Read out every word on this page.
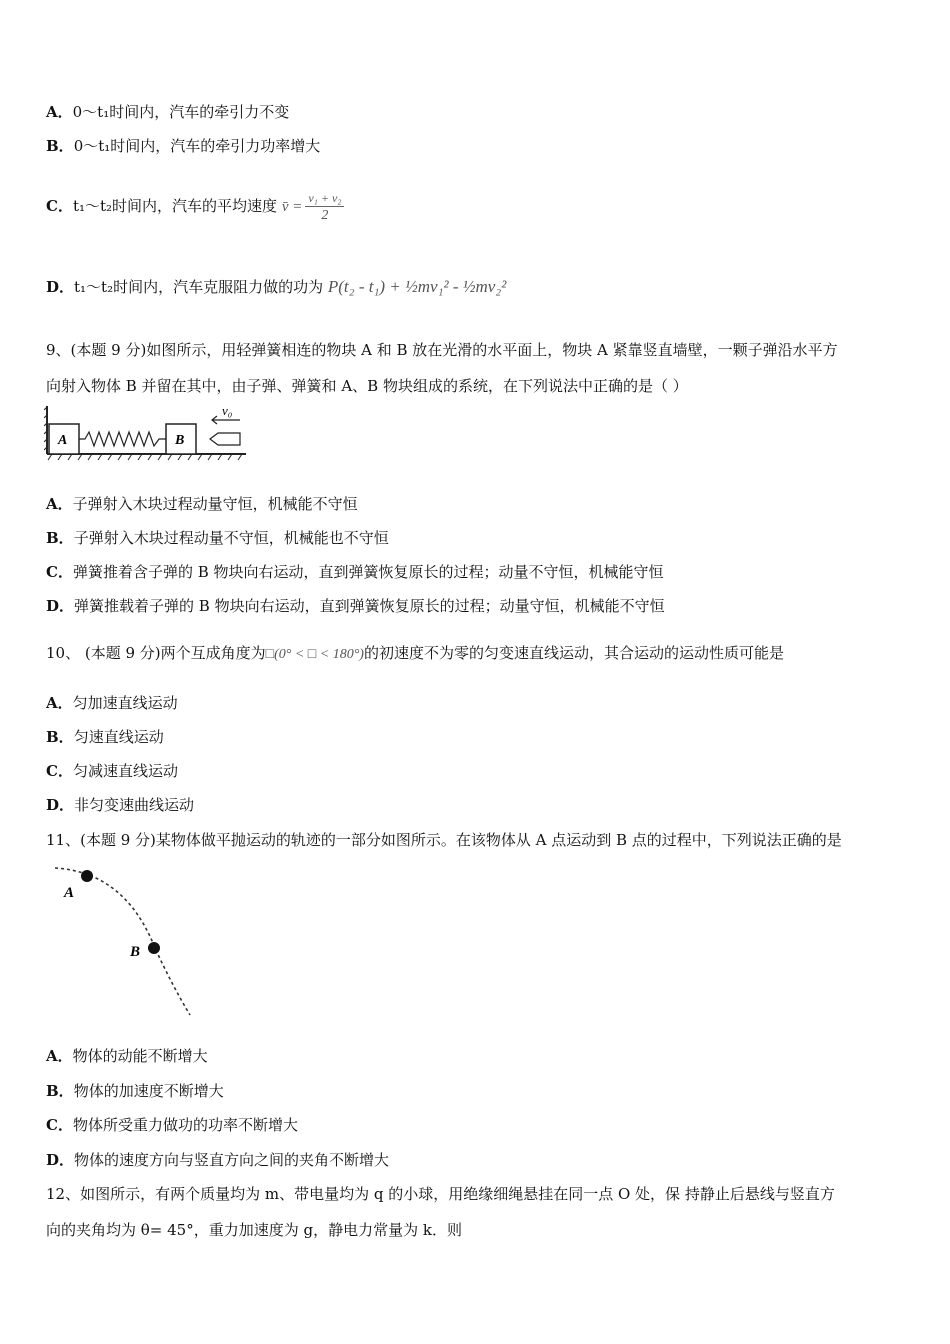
A．0～t₁时间内，汽车的牵引力不变
B．0～t₁时间内，汽车的牵引力功率增大
C．t₁～t₂时间内，汽车的平均速度 v̄ = $\frac{\text{v₁ + v₂}}{2}$
D．t₁～t₂时间内，汽车克服阻力做的功为 P(t₂ - t₁) + ½mv₁² - ½mv₂²
9、(本题 9 分)如图所示，用轻弹簧相连的物块 A 和 B 放在光滑的水平面上，物块 A 紧靠竖直墙壁，一颗子弹沿水平方
向射入物体 B 并留在其中，由子弹、弹簧和 A、B 物块组成的系统，在下列说法中正确的是（ ）
A	B
v₀
A．子弹射入木块过程动量守恒，机械能不守恒
B．子弹射入木块过程动量不守恒，机械能也不守恒
C．弹簧推着含子弹的 B 物块向右运动，直到弹簧恢复原长的过程；动量不守恒，机械能守恒
D．弹簧推载着子弹的 B 物块向右运动，直到弹簧恢复原长的过程；动量守恒，机械能不守恒
10、 (本题 9 分)两个互成角度为□(0° < □ < 180°)的初速度不为零的匀变速直线运动，其合运动的运动性质可能是
A．匀加速直线运动
B．匀速直线运动
C．匀减速直线运动
D．非匀变速曲线运动
11、(本题 9 分)某物体做平抛运动的轨迹的一部分如图所示。在该物体从 A 点运动到 B 点的过程中，下列说法正确的是
A
B
A．物体的动能不断增大
B．物体的加速度不断增大
C．物体所受重力做功的功率不断增大
D．物体的速度方向与竖直方向之间的夹角不断增大
12、如图所示，有两个质量均为 m、带电量均为 q 的小球，用绝缘细绳悬挂在同一点 O 处，保 持静止后悬线与竖直方
向的夹角均为 θ= 45°，重力加速度为 g，静电力常量为 k．则
